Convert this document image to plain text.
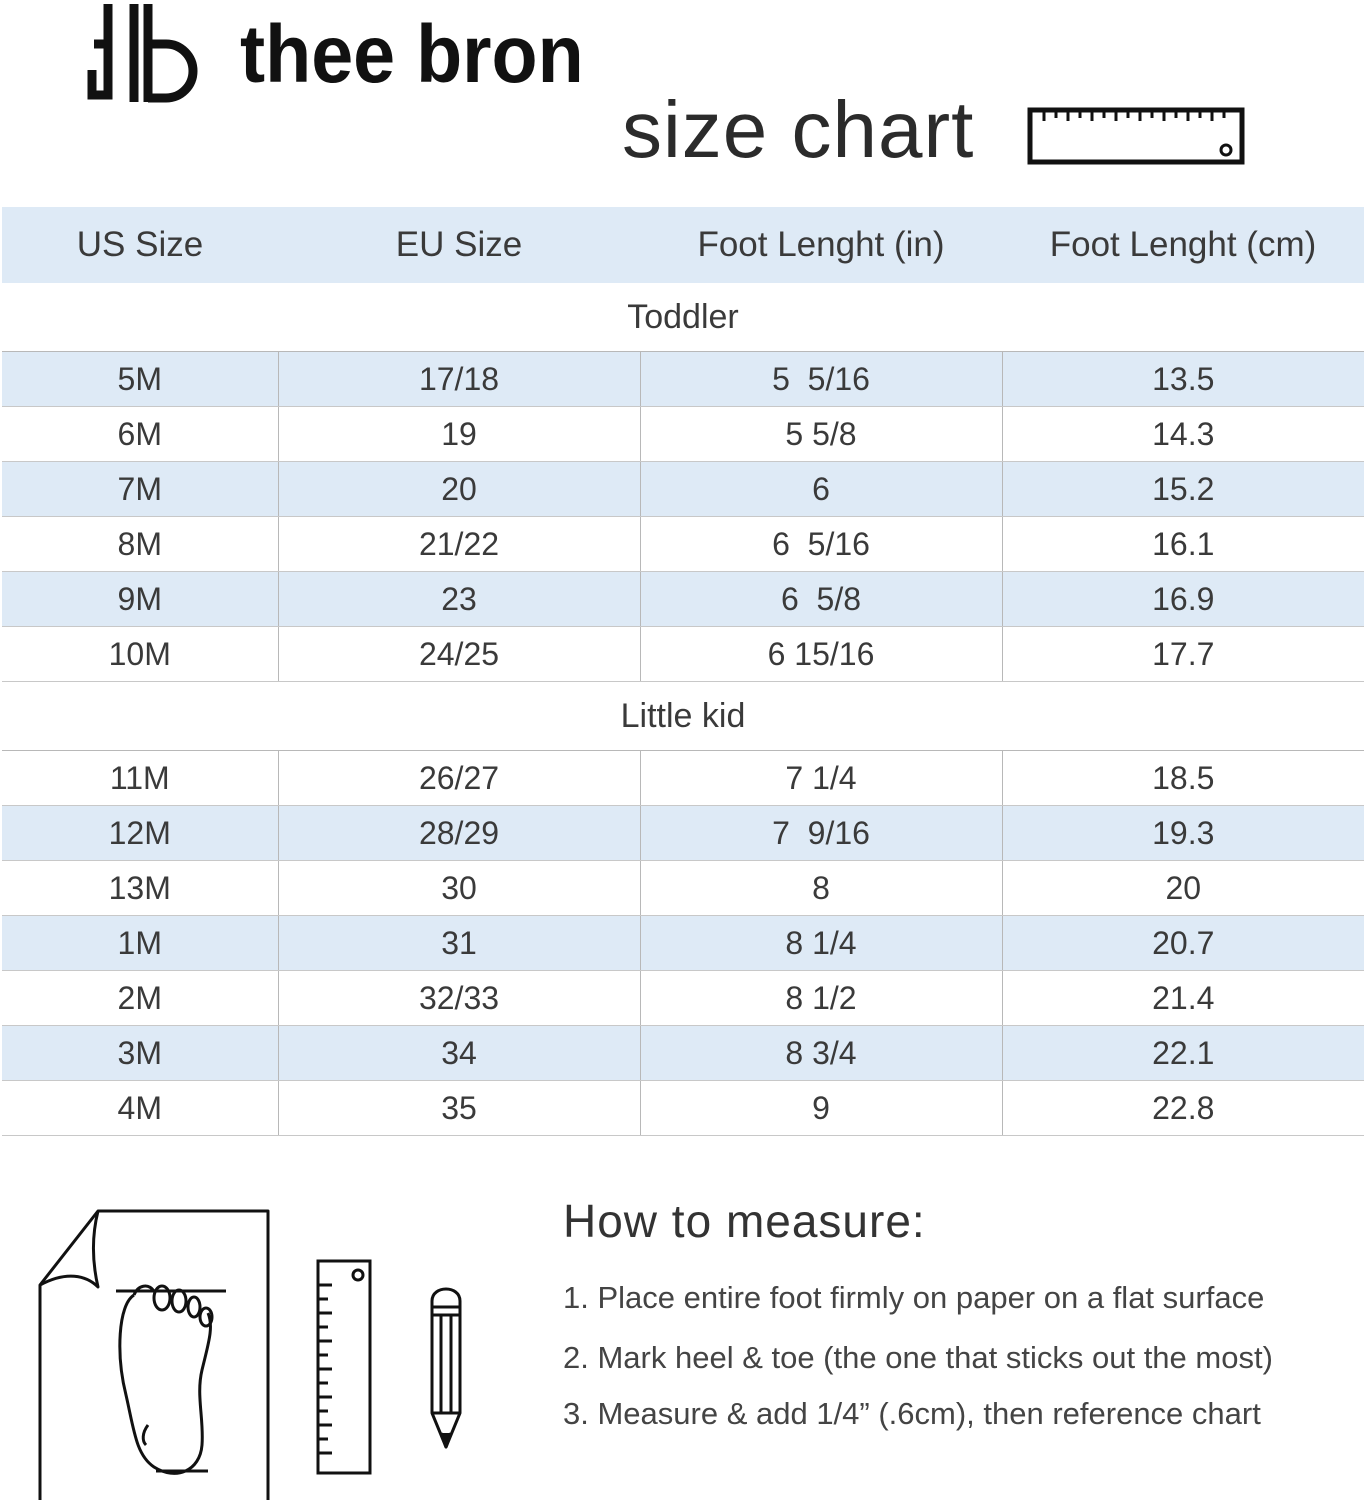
thee bron
size chart
US Size	EU Size	Foot Lenght (in)	Foot Lenght (cm)
Toddler			
5M	17/18	5  5/16	13.5
6M	19	5 5/8	14.3
7M	20	6	15.2
8M	21/22	6  5/16	16.1
9M	23	6  5/8	16.9
10M	24/25	6 15/16	17.7
Little kid			
11M	26/27	7 1/4	18.5
12M	28/29	7  9/16	19.3
13M	30	8	20
1M	31	8 1/4	20.7
2M	32/33	8 1/2	21.4
3M	34	8 3/4	22.1
4M	35	9	22.8
How to measure:
1. Place entire foot firmly on paper on a flat surface
2. Mark heel & toe (the one that sticks out the most)
3. Measure & add 1/4” (.6cm), then reference chart
